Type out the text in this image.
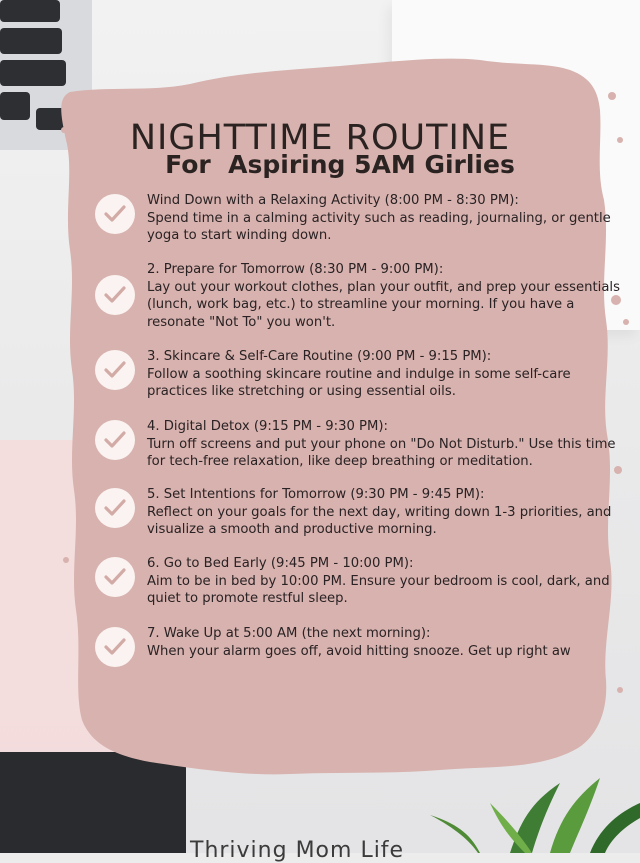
NIGHTTIME ROUTINE
For  Aspiring 5AM Girlies
Wind Down with a Relaxing Activity (8:00 PM - 8:30 PM):
Spend time in a calming activity such as reading, journaling, or gentle
yoga to start winding down.
2. Prepare for Tomorrow (8:30 PM - 9:00 PM):
Lay out your workout clothes, plan your outfit, and prep your essentials
(lunch, work bag, etc.) to streamline your morning. If you have a
resonate "Not To" you won't.
3. Skincare & Self-Care Routine (9:00 PM - 9:15 PM):
Follow a soothing skincare routine and indulge in some self-care
practices like stretching or using essential oils.
4. Digital Detox (9:15 PM - 9:30 PM):
Turn off screens and put your phone on "Do Not Disturb." Use this time
for tech-free relaxation, like deep breathing or meditation.
5. Set Intentions for Tomorrow (9:30 PM - 9:45 PM):
Reflect on your goals for the next day, writing down 1-3 priorities, and
visualize a smooth and productive morning.
6. Go to Bed Early (9:45 PM - 10:00 PM):
Aim to be in bed by 10:00 PM. Ensure your bedroom is cool, dark, and
quiet to promote restful sleep.
7. Wake Up at 5:00 AM (the next morning):
When your alarm goes off, avoid hitting snooze. Get up right aw
Thriving Mom Life
